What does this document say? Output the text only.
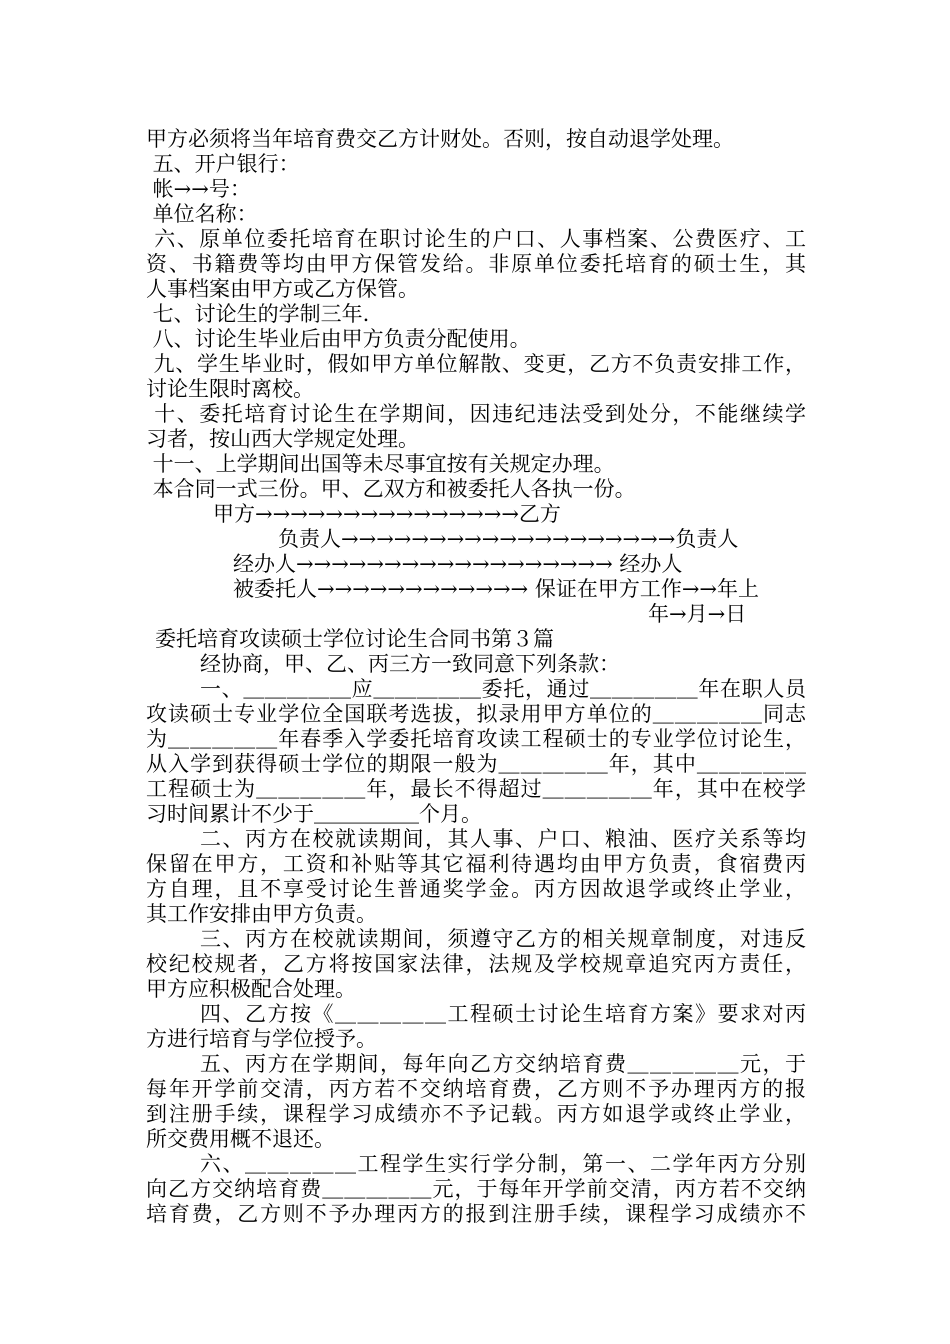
甲方必须将当年培育费交乙方计财处。否则，按自动退学处理。
五、开户银行：
帐→→号：
单位名称：
六、原单位委托培育在职讨论生的户口、人事档案、公费医疗、工
资、书籍费等均由甲方保管发给。非原单位委托培育的硕士生，其
人事档案由甲方或乙方保管。
七、讨论生的学制三年.
八、讨论生毕业后由甲方负责分配使用。
九、学生毕业时，假如甲方单位解散、变更，乙方不负责安排工作，
讨论生限时离校。
十、委托培育讨论生在学期间，因违纪违法受到处分，不能继续学
习者，按山西大学规定处理。
十一、上学期间出国等未尽事宜按有关规定办理。
本合同一式三份。甲、乙双方和被委托人各执一份。
甲方→→→→→→→→→→→→→→→乙方
负责人→→→→→→→→→→→→→→→→→→→负责人
经办人→→→→→→→→→→→→→→→→→→ 经办人
被委托人→→→→→→→→→→→→ 保证在甲方工作→→年上
年→月→日
委托培育攻读硕士学位讨论生合同书第３篇
经协商，甲、乙、丙三方一致同意下列条款：
一、＿＿＿＿＿应＿＿＿＿＿委托，通过＿＿＿＿＿年在职人员
攻读硕士专业学位全国联考选拔，拟录用甲方单位的＿＿＿＿＿同志
为＿＿＿＿＿年春季入学委托培育攻读工程硕士的专业学位讨论生，
从入学到获得硕士学位的期限一般为＿＿＿＿＿年，其中＿＿＿＿＿
工程硕士为＿＿＿＿＿年，最长不得超过＿＿＿＿＿年，其中在校学
习时间累计不少于＿＿＿＿＿个月。
二、丙方在校就读期间，其人事、户口、粮油、医疗关系等均
保留在甲方，工资和补贴等其它福利待遇均由甲方负责，食宿费丙
方自理，且不享受讨论生普通奖学金。丙方因故退学或终止学业，
其工作安排由甲方负责。
三、丙方在校就读期间，须遵守乙方的相关规章制度，对违反
校纪校规者，乙方将按国家法律，法规及学校规章追究丙方责任，
甲方应积极配合处理。
四、乙方按《＿＿＿＿＿工程硕士讨论生培育方案》要求对丙
方进行培育与学位授予。
五、丙方在学期间，每年向乙方交纳培育费＿＿＿＿＿元，于
每年开学前交清，丙方若不交纳培育费，乙方则不予办理丙方的报
到注册手续，课程学习成绩亦不予记载。丙方如退学或终止学业，
所交费用概不退还。
六、＿＿＿＿＿工程学生实行学分制，第一、二学年丙方分别
向乙方交纳培育费＿＿＿＿＿元，于每年开学前交清，丙方若不交纳
培育费，乙方则不予办理丙方的报到注册手续，课程学习成绩亦不
